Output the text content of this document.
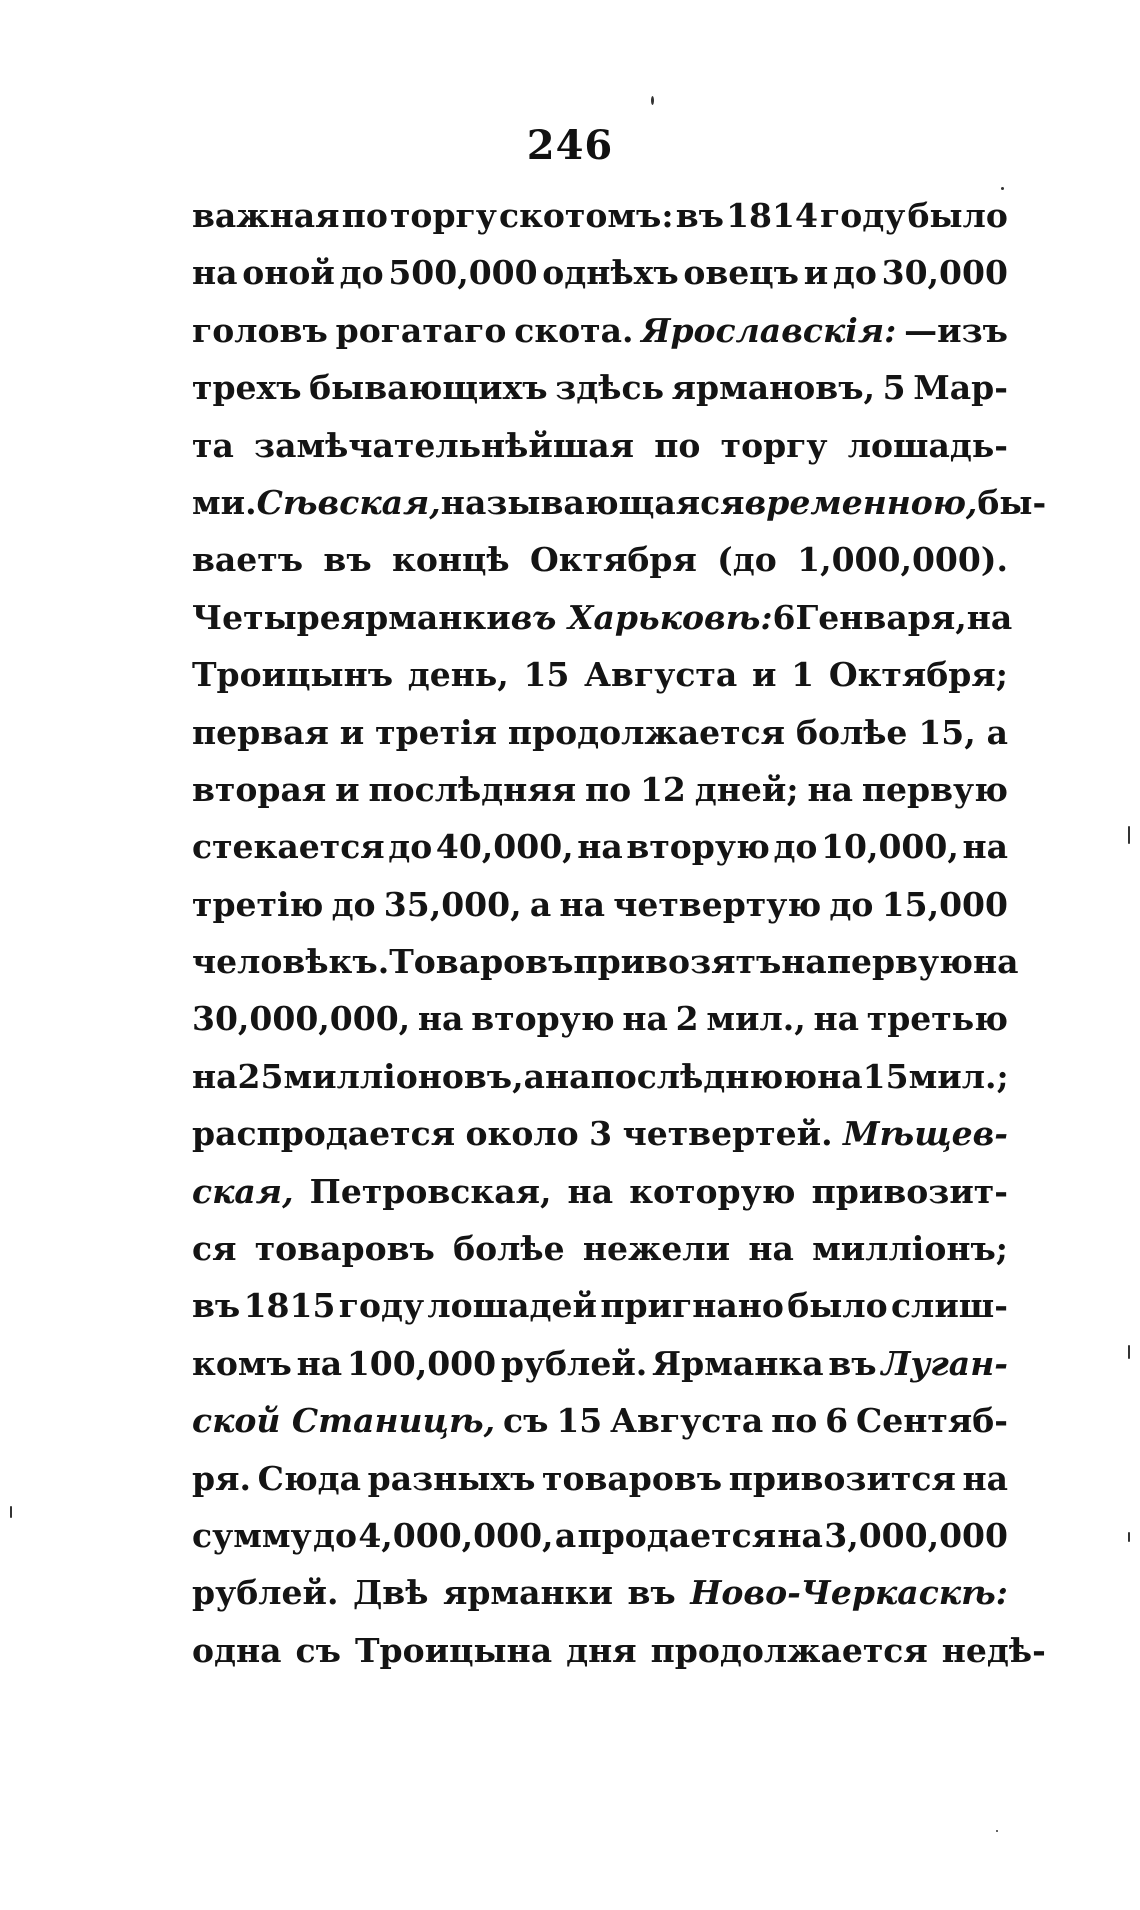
246
важная по торгу скотомъ: въ 1814 году было
на оной до 500,000 однѣхъ овецъ и до 30,000
головъ рогатаго скота. Ярославскія: —изъ
трехъ бывающихъ здѣсь ярмановъ, 5 Мар-
та замѣчательнѣйшая по торгу лошадь-
ми. Сѣвская, называющаяся временною, бы-
ваетъ въ концѣ Октября (до 1,000,000).
Четыре ярманки въ Харьковѣ: 6 Генваря, на
Троицынъ день, 15 Августа и 1 Октября;
первая и третія продолжается болѣе 15, а
вторая и послѣдняя по 12 дней; на первую
стекается до 40,000, на вторую до 10,000, на
третію до 35,000, а на четвертую до 15,000
человѣкъ. Товаровъ привозятъ на первую на
30,000,000, на вторую на 2 мил., на третью
на 25 милліоновъ, а на послѣднюю на 15 мил.;
распродается около 3 четвертей. Мѣщев-
ская, Петровская, на которую привозит-
ся товаровъ болѣе нежели на милліонъ;
въ 1815 году лошадей пригнано было слиш-
комъ на 100,000 рублей. Ярманка въ Луган-
ской Станицѣ, съ 15 Августа по 6 Сентяб-
ря. Сюда разныхъ товаровъ привозится на
сумму до 4,000,000, а продается на 3,000,000
рублей. Двѣ ярманки въ Ново-Черкаскѣ:
одна съ Троицына дня продолжается недѣ-
